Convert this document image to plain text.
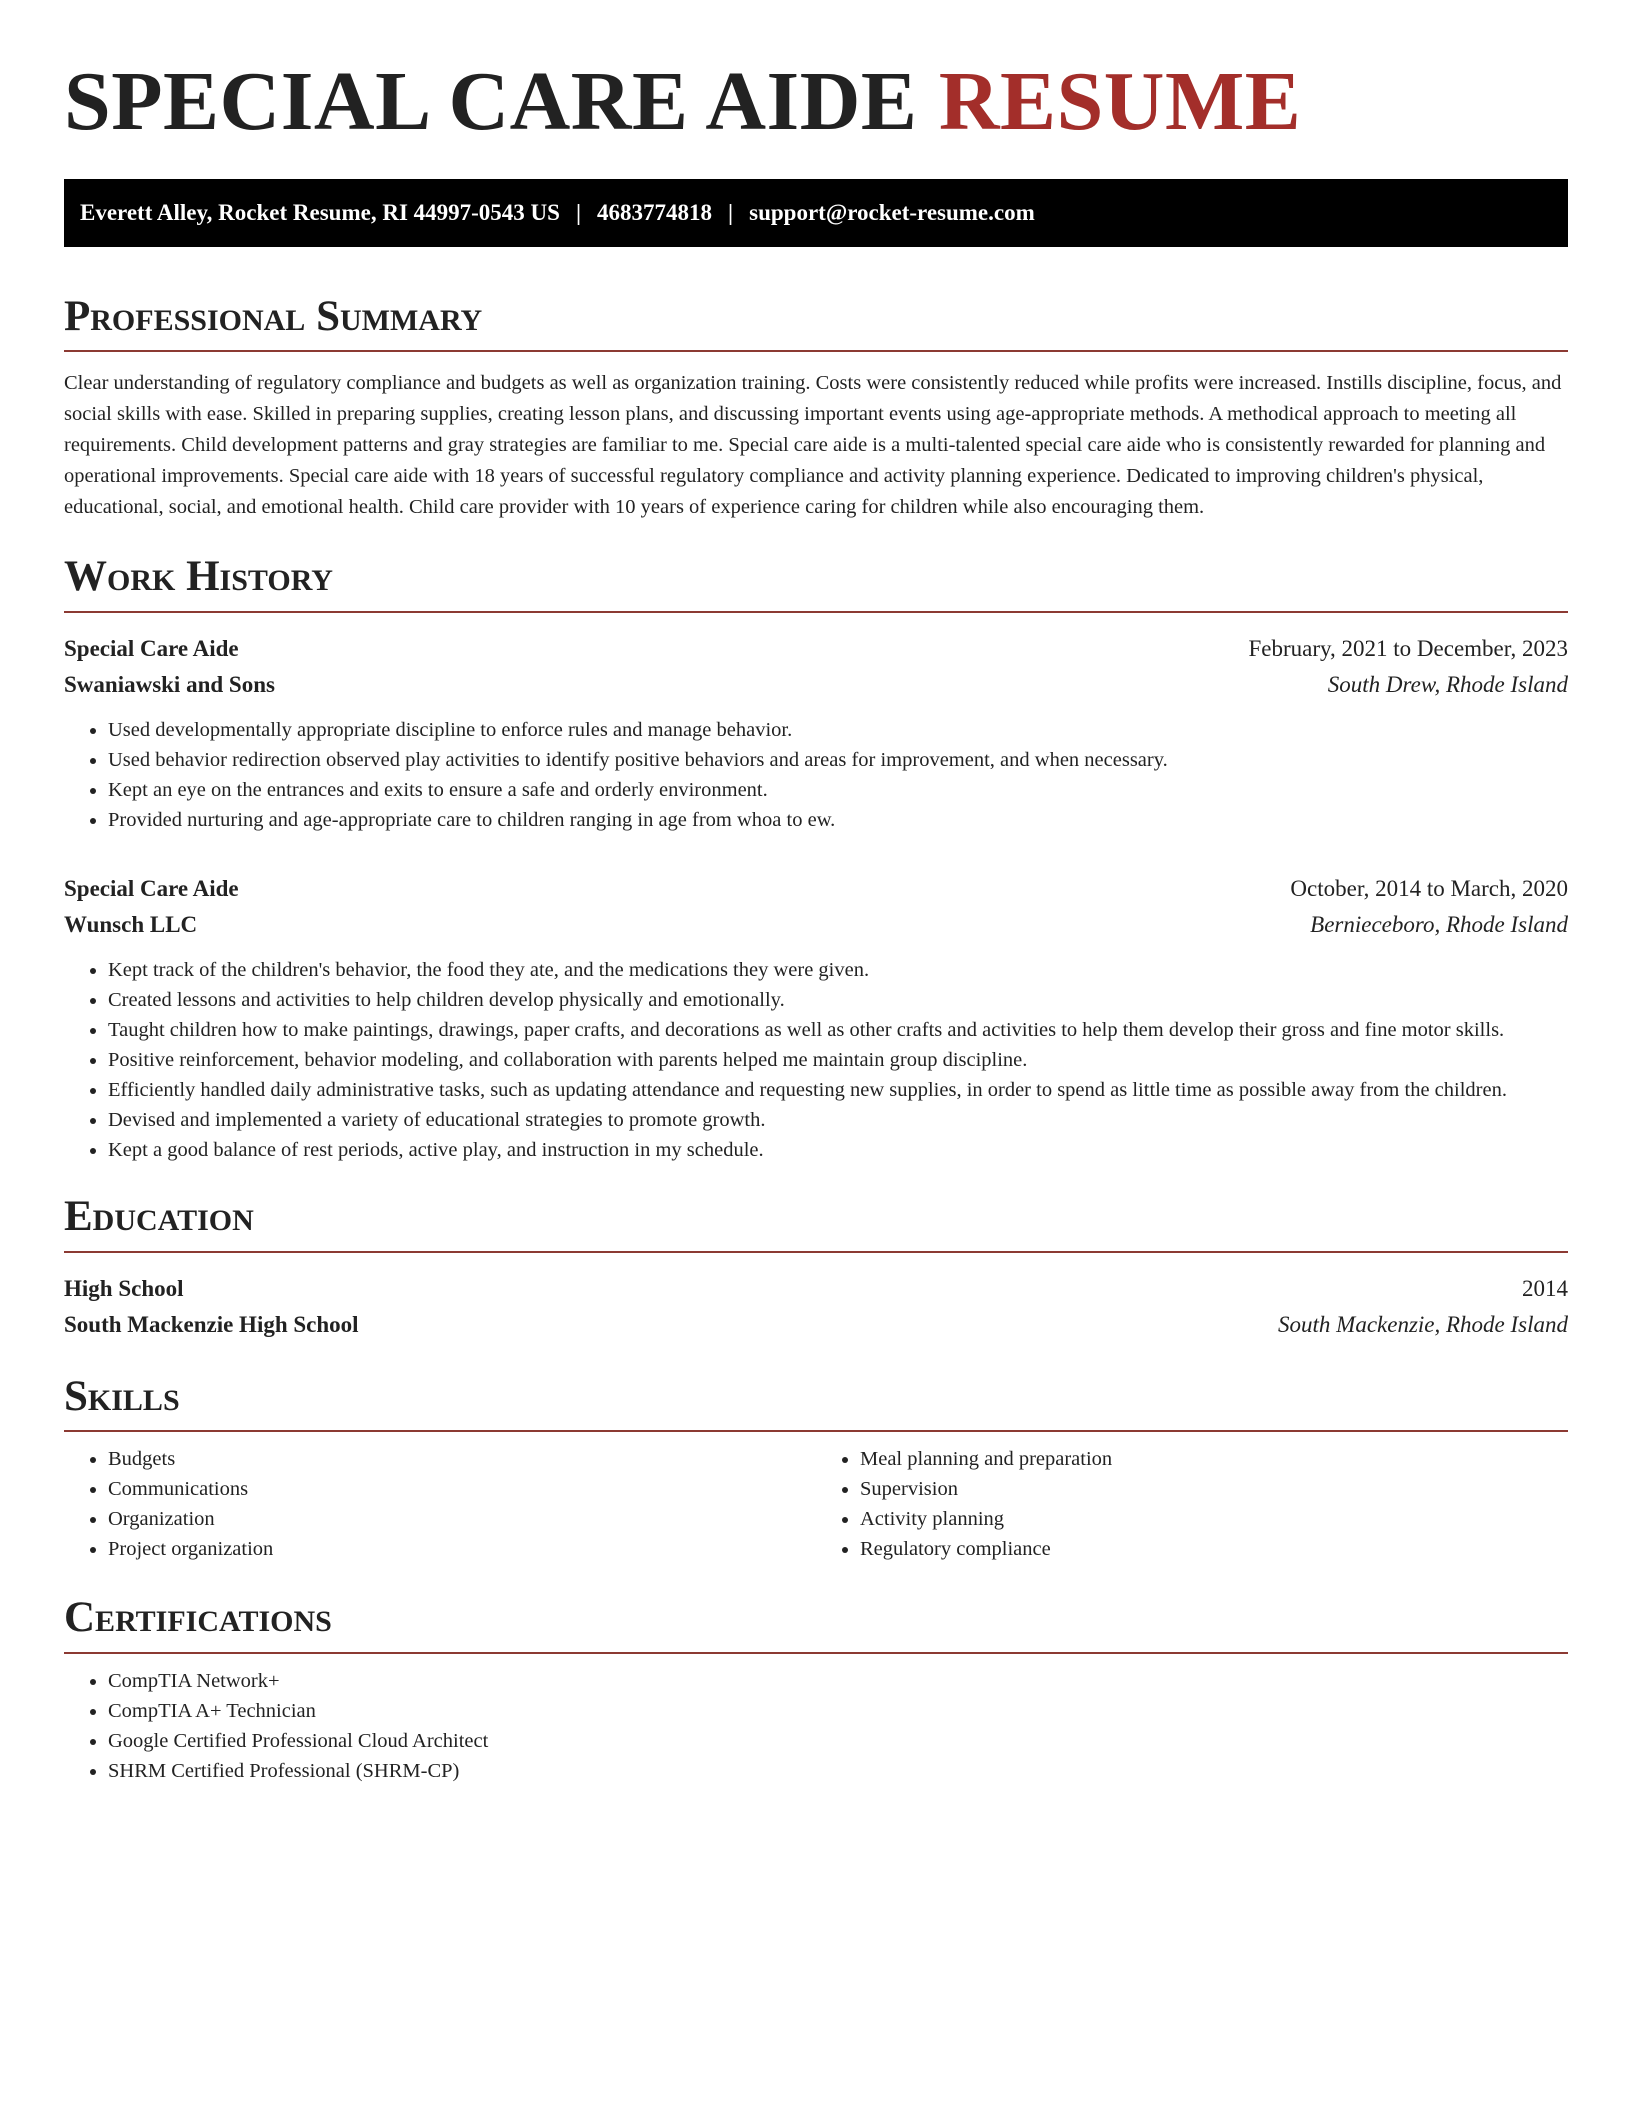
SPECIAL CARE AIDE RESUME
Everett Alley, Rocket Resume, RI 44997-0543 US | 4683774818 | support@rocket-resume.com
Professional Summary

Clear understanding of regulatory compliance and budgets as well as organization training. Costs were consistently reduced while profits were increased. Instills discipline, focus, and social skills with ease. Skilled in preparing supplies, creating lesson plans, and discussing important events using age-appropriate methods. A methodical approach to meeting all requirements. Child development patterns and gray strategies are familiar to me. Special care aide is a multi-talented special care aide who is consistently rewarded for planning and operational improvements. Special care aide with 18 years of successful regulatory compliance and activity planning experience. Dedicated to improving children's physical, educational, social, and emotional health. Child care provider with 10 years of experience caring for children while also encouraging them.

Work History
Special Care Aide	February, 2021 to December, 2023
Swaniawski and Sons	South Drew, Rhode Island
• Used developmentally appropriate discipline to enforce rules and manage behavior.
• Used behavior redirection observed play activities to identify positive behaviors and areas for improvement, and when necessary.
• Kept an eye on the entrances and exits to ensure a safe and orderly environment.
• Provided nurturing and age-appropriate care to children ranging in age from whoa to ew.
Special Care Aide	October, 2014 to March, 2020
Wunsch LLC	Bernieceboro, Rhode Island
• Kept track of the children's behavior, the food they ate, and the medications they were given.
• Created lessons and activities to help children develop physically and emotionally.
• Taught children how to make paintings, drawings, paper crafts, and decorations as well as other crafts and activities to help them develop their gross and fine motor skills.
• Positive reinforcement, behavior modeling, and collaboration with parents helped me maintain group discipline.
• Efficiently handled daily administrative tasks, such as updating attendance and requesting new supplies, in order to spend as little time as possible away from the children.
• Devised and implemented a variety of educational strategies to promote growth.
• Kept a good balance of rest periods, active play, and instruction in my schedule.
Education
High School	2014
South Mackenzie High School	South Mackenzie, Rhode Island
Skills
• Budgets
• Communications
• Organization
• Project organization
• Meal planning and preparation
• Supervision
• Activity planning
• Regulatory compliance
Certifications
• CompTIA Network+
• CompTIA A+ Technician
• Google Certified Professional Cloud Architect
• SHRM Certified Professional (SHRM-CP)
